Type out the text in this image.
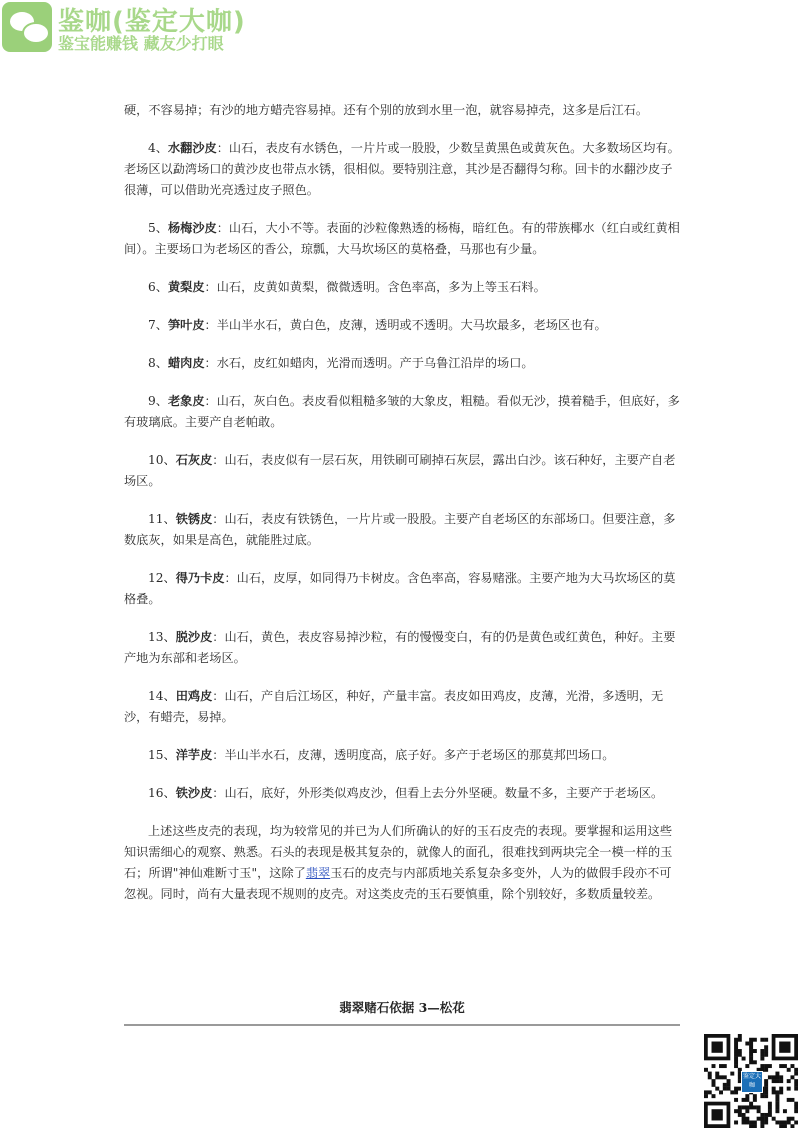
鉴咖(鉴定大咖)
鉴宝能赚钱 藏友少打眼

硬，不容易掉；有沙的地方蜡壳容易掉。还有个别的放到水里一泡，就容易掉壳，这多是后江石。

4、水翻沙皮：山石，表皮有水锈色，一片片或一股股，少数呈黄黑色或黄灰色。大多数场区均有。老场区以勐湾场口的黄沙皮也带点水锈，很相似。要特别注意，其沙是否翻得匀称。回卡的水翻沙皮子很薄，可以借助光亮透过皮子照色。

5、杨梅沙皮：山石，大小不等。表面的沙粒像熟透的杨梅，暗红色。有的带族椰水（红白或红黄相间）。主要场口为老场区的香公，琼瓢，大马坎场区的莫格叠，马那也有少量。

6、黄梨皮：山石，皮黄如黄梨，微微透明。含色率高，多为上等玉石料。

7、笋叶皮：半山半水石，黄白色，皮薄，透明或不透明。大马坎最多，老场区也有。

8、蜡肉皮：水石，皮红如蜡肉，光滑而透明。产于乌鲁江沿岸的场口。

9、老象皮：山石，灰白色。表皮看似粗糙多皱的大象皮，粗糙。看似无沙，摸着糙手，但底好，多有玻璃底。主要产自老帕敢。

10、石灰皮：山石，表皮似有一层石灰，用铁刷可刷掉石灰层，露出白沙。该石种好，主要产自老场区。

11、铁锈皮：山石，表皮有铁锈色，一片片或一股股。主要产自老场区的东部场口。但要注意，多数底灰，如果是高色，就能胜过底。

12、得乃卡皮：山石，皮厚，如同得乃卡树皮。含色率高，容易赌涨。主要产地为大马坎场区的莫格叠。

13、脱沙皮：山石，黄色，表皮容易掉沙粒，有的慢慢变白，有的仍是黄色或红黄色，种好。主要产地为东部和老场区。

14、田鸡皮：山石，产自后江场区，种好，产量丰富。表皮如田鸡皮，皮薄，光滑，多透明，无沙，有蜡壳，易掉。

15、洋芋皮：半山半水石，皮薄，透明度高，底子好。多产于老场区的那莫邦凹场口。

16、铁沙皮：山石，底好，外形类似鸡皮沙，但看上去分外坚硬。数量不多，主要产于老场区。

上述这些皮壳的表现，均为较常见的并已为人们所确认的好的玉石皮壳的表现。要掌握和运用这些知识需细心的观察、熟悉。石头的表现是极其复杂的，就像人的面孔，很难找到两块完全一模一样的玉石；所谓"神仙难断寸玉"，这除了翡翠玉石的皮壳与内部质地关系复杂多变外，人为的做假手段亦不可忽视。同时，尚有大量表现不规则的皮壳。对这类皮壳的玉石要慎重，除个别较好，多数质量较差。

翡翠赌石依据 3—松花
鉴定大咖
